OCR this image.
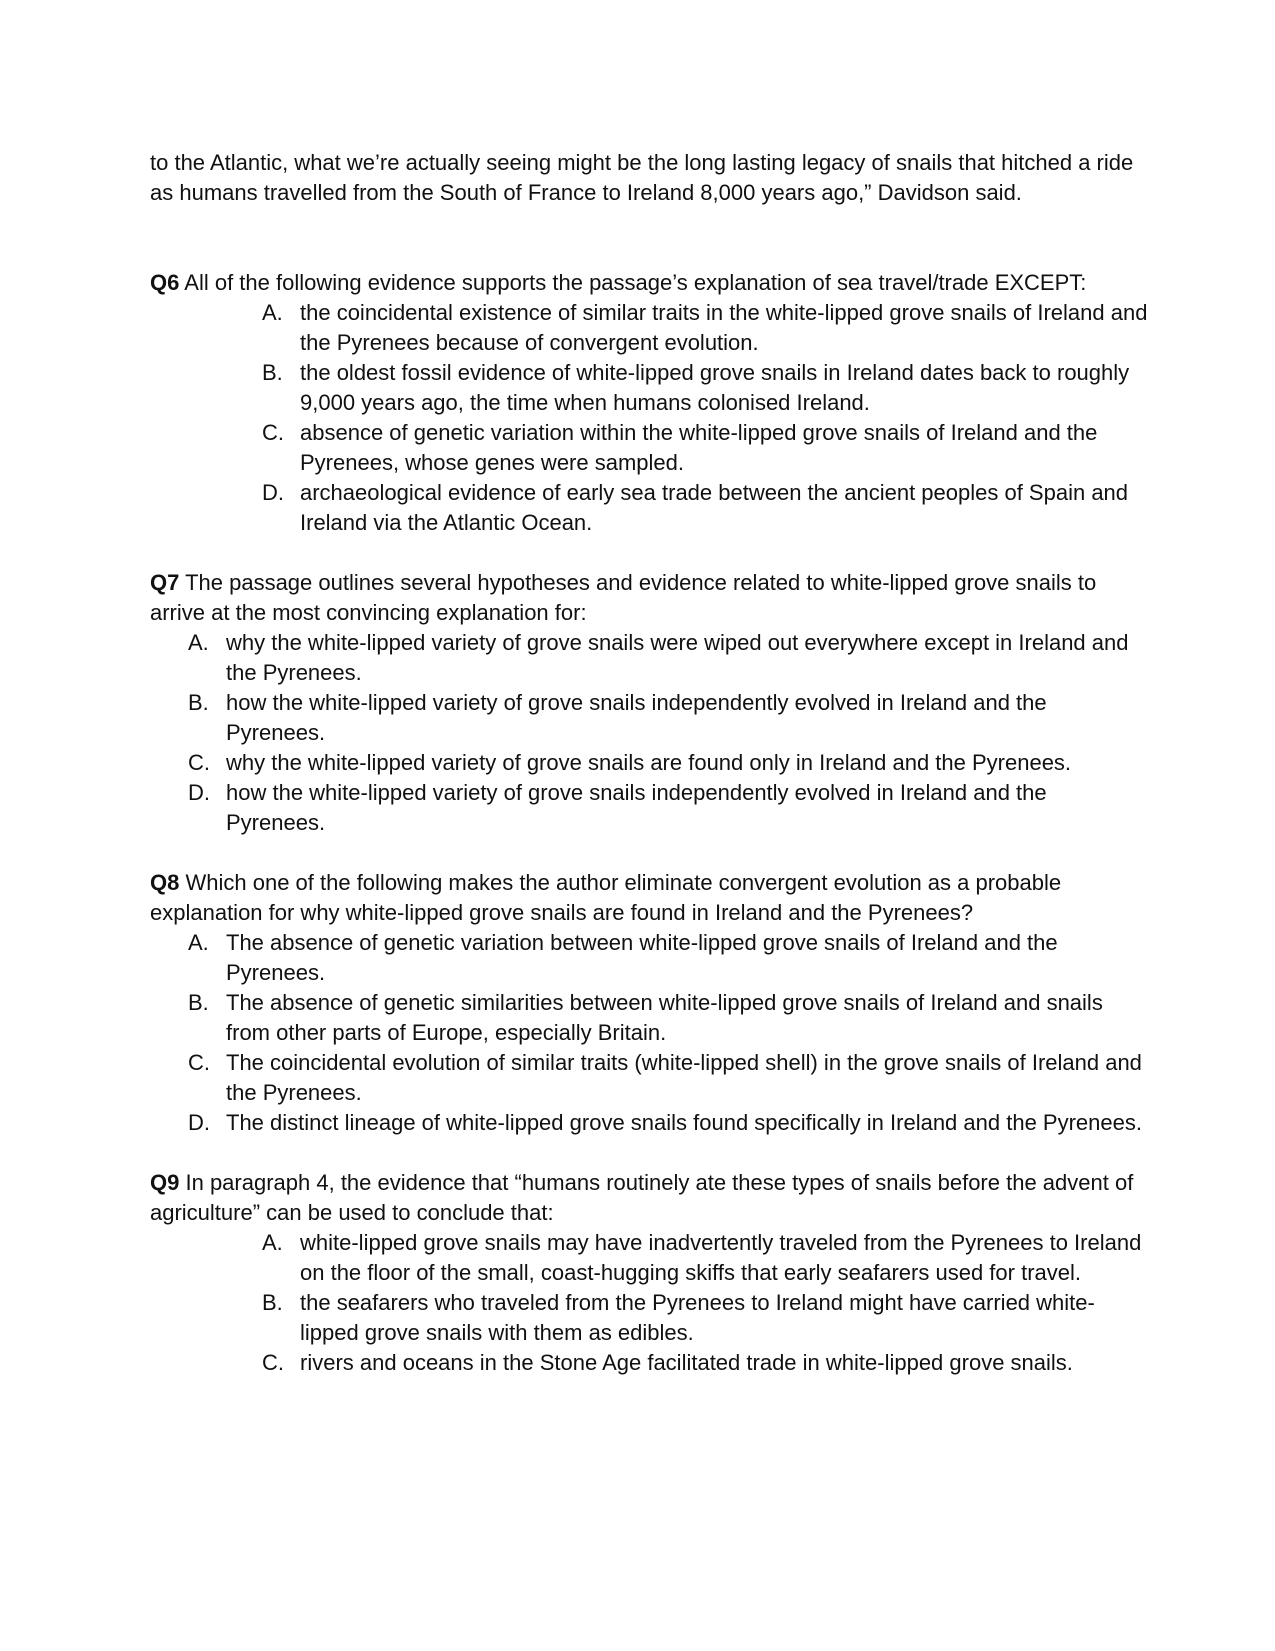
to the Atlantic, what we’re actually seeing might be the long lasting legacy of snails that hitched a ride as humans travelled from the South of France to Ireland 8,000 years ago,” Davidson said.

Q6 All of the following evidence supports the passage’s explanation of sea travel/trade EXCEPT:

A. the coincidental existence of similar traits in the white-lipped grove snails of Ireland and the Pyrenees because of convergent evolution.
B. the oldest fossil evidence of white-lipped grove snails in Ireland dates back to roughly 9,000 years ago, the time when humans colonised Ireland.
C. absence of genetic variation within the white-lipped grove snails of Ireland and the Pyrenees, whose genes were sampled.
D. archaeological evidence of early sea trade between the ancient peoples of Spain and Ireland via the Atlantic Ocean.

Q7 The passage outlines several hypotheses and evidence related to white-lipped grove snails to arrive at the most convincing explanation for:

A. why the white-lipped variety of grove snails were wiped out everywhere except in Ireland and the Pyrenees.
B. how the white-lipped variety of grove snails independently evolved in Ireland and the Pyrenees.
C. why the white-lipped variety of grove snails are found only in Ireland and the Pyrenees.
D. how the white-lipped variety of grove snails independently evolved in Ireland and the Pyrenees.

Q8 Which one of the following makes the author eliminate convergent evolution as a probable explanation for why white-lipped grove snails are found in Ireland and the Pyrenees?

A. The absence of genetic variation between white-lipped grove snails of Ireland and the Pyrenees.
B. The absence of genetic similarities between white-lipped grove snails of Ireland and snails from other parts of Europe, especially Britain.
C. The coincidental evolution of similar traits (white-lipped shell) in the grove snails of Ireland and the Pyrenees.
D. The distinct lineage of white-lipped grove snails found specifically in Ireland and the Pyrenees.

Q9 In paragraph 4, the evidence that “humans routinely ate these types of snails before the advent of agriculture” can be used to conclude that:

A. white-lipped grove snails may have inadvertently traveled from the Pyrenees to Ireland on the floor of the small, coast-hugging skiffs that early seafarers used for travel.
B. the seafarers who traveled from the Pyrenees to Ireland might have carried white-lipped grove snails with them as edibles.
C. rivers and oceans in the Stone Age facilitated trade in white-lipped grove snails.
